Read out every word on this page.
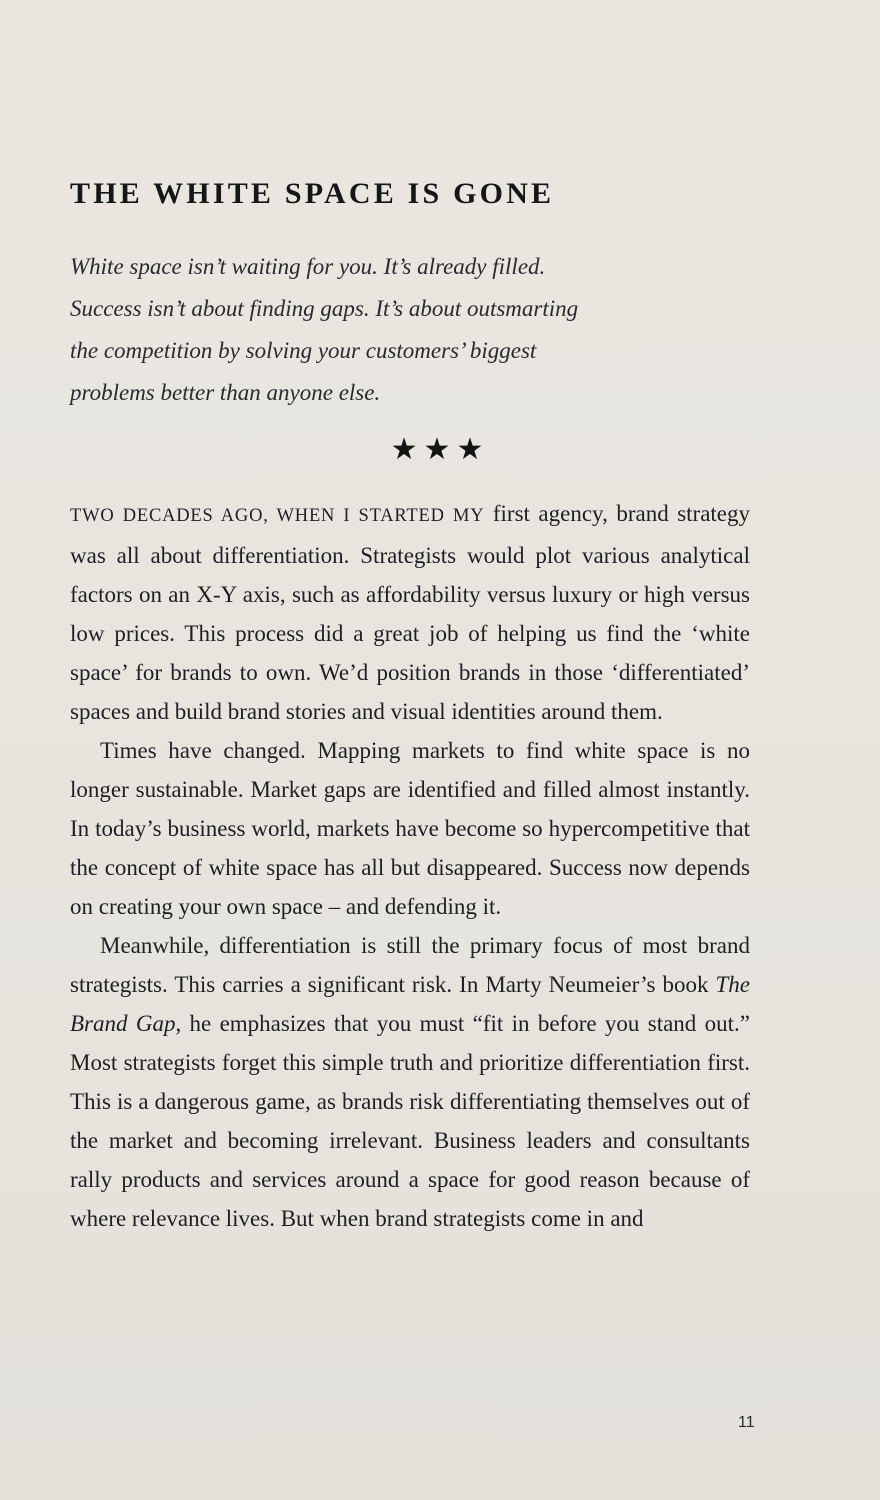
THE WHITE SPACE IS GONE
White space isn’t waiting for you. It’s already filled.
Success isn’t about finding gaps. It’s about outsmarting
the competition by solving your customers’ biggest
problems better than anyone else.
★★★

TWO DECADES AGO, WHEN I STARTED MY first agency, brand strategy was all about differentiation. Strategists would plot various analytical factors on an X-Y axis, such as affordability versus luxury or high versus low prices. This process did a great job of helping us find the ‘white space’ for brands to own. We’d position brands in those ‘differentiated’ spaces and build brand stories and visual identities around them.

Times have changed. Mapping markets to find white space is no longer sustainable. Market gaps are identified and filled almost instantly. In today’s business world, markets have become so hypercompetitive that the concept of white space has all but disappeared. Success now depends on creating your own space – and defending it.

Meanwhile, differentiation is still the primary focus of most brand strategists. This carries a significant risk. In Marty Neumeier’s book The Brand Gap, he emphasizes that you must “fit in before you stand out.” Most strategists forget this simple truth and prioritize differentiation first. This is a dangerous game, as brands risk differentiating themselves out of the market and becoming irrelevant. Business leaders and consultants rally products and services around a space for good reason because of where relevance lives. But when brand strategists come in and

11
